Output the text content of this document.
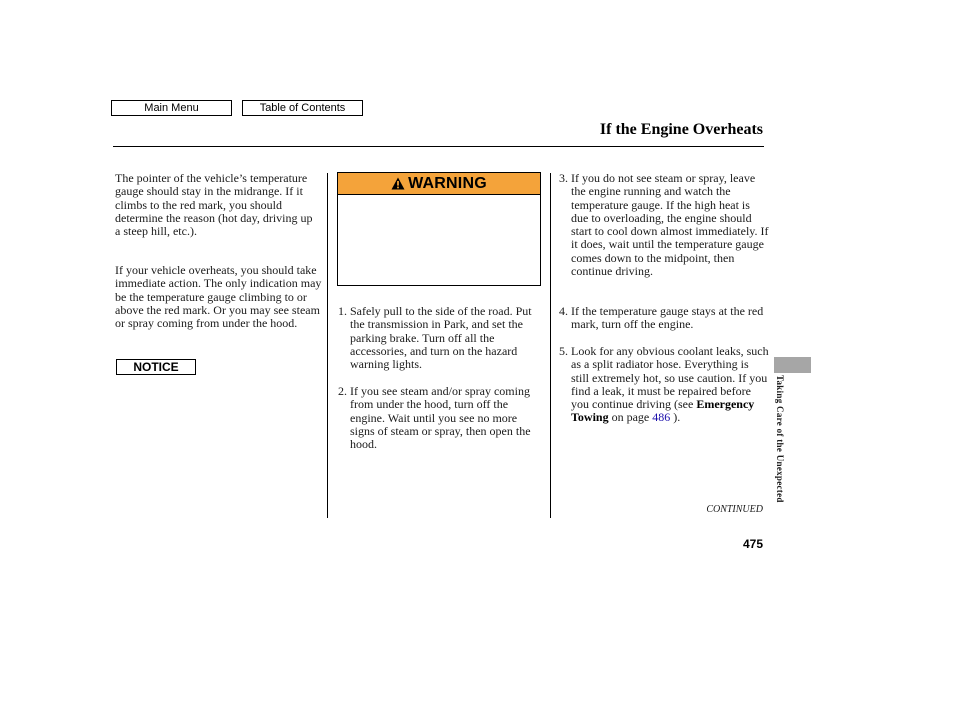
Main Menu	Table of Contents
If the Engine Overheats

The pointer of the vehicle’s temperature gauge should stay in the midrange. If it climbs to the red mark, you should determine the reason (hot day, driving up a steep hill, etc.).

If your vehicle overheats, you should take immediate action. The only indication may be the temperature gauge climbing to or above the red mark. Or you may see steam or spray coming from under the hood.

NOTICE
WARNING
1. Safely pull to the side of the road. Put the transmission in Park, and set the parking brake. Turn off all the accessories, and turn on the hazard warning lights.
2. If you see steam and/or spray coming from under the hood, turn off the engine. Wait until you see no more signs of steam or spray, then open the hood.
3. If you do not see steam or spray, leave the engine running and watch the temperature gauge. If the high heat is due to overloading, the engine should start to cool down almost immediately. If it does, wait until the temperature gauge comes down to the midpoint, then continue driving.
4. If the temperature gauge stays at the red mark, turn off the engine.
5. Look for any obvious coolant leaks, such as a split radiator hose. Everything is still extremely hot, so use caution. If you find a leak, it must be repaired before you continue driving (see Emergency Towing on page 486 ).
CONTINUED
475
Taking Care of the Unexpected
